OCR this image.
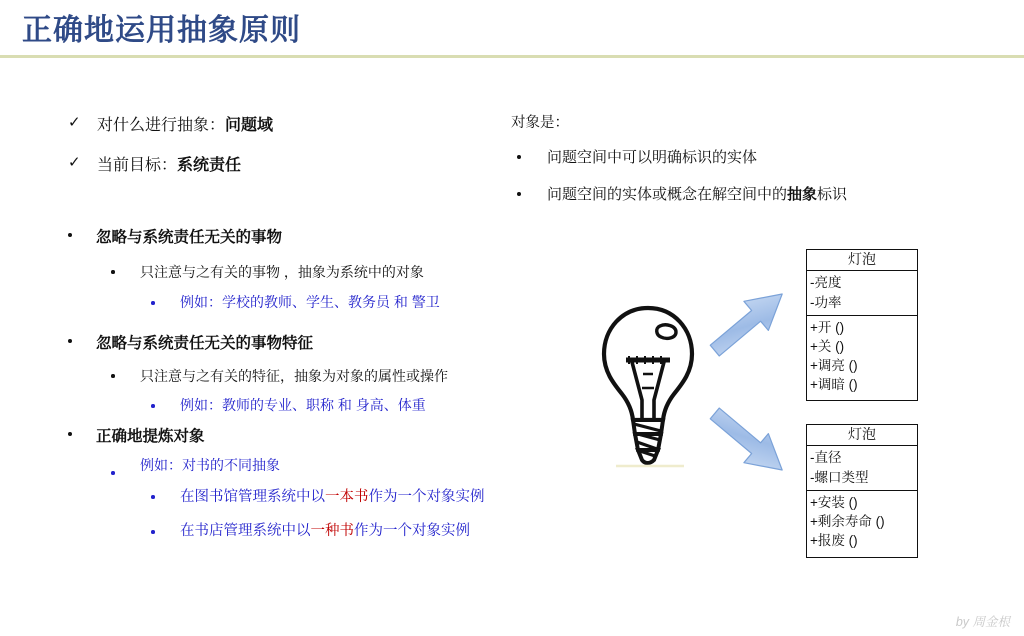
正确地运用抽象原则
✓ 对什么进行抽象：问题域
✓ 当前目标：系统责任
忽略与系统责任无关的事物
只注意与之有关的事物 ，抽象为系统中的对象
例如：学校的教师、学生、教务员 和 警卫
忽略与系统责任无关的事物特征
只注意与之有关的特征，抽象为对象的属性或操作
例如：教师的专业、职称 和 身高、体重
正确地提炼对象
例如：对书的不同抽象
在图书馆管理系统中以一本书作为一个对象实例
在书店管理系统中以一种书作为一个对象实例
对象是：
问题空间中可以明确标识的实体
问题空间的实体或概念在解空间中的抽象标识
灯泡
-亮度
-功率
+开 ()
+关 ()
+调亮 ()
+调暗 ()
灯泡
-直径
-螺口类型
+安装 ()
+剩余寿命 ()
+报废 ()
by 周金根
